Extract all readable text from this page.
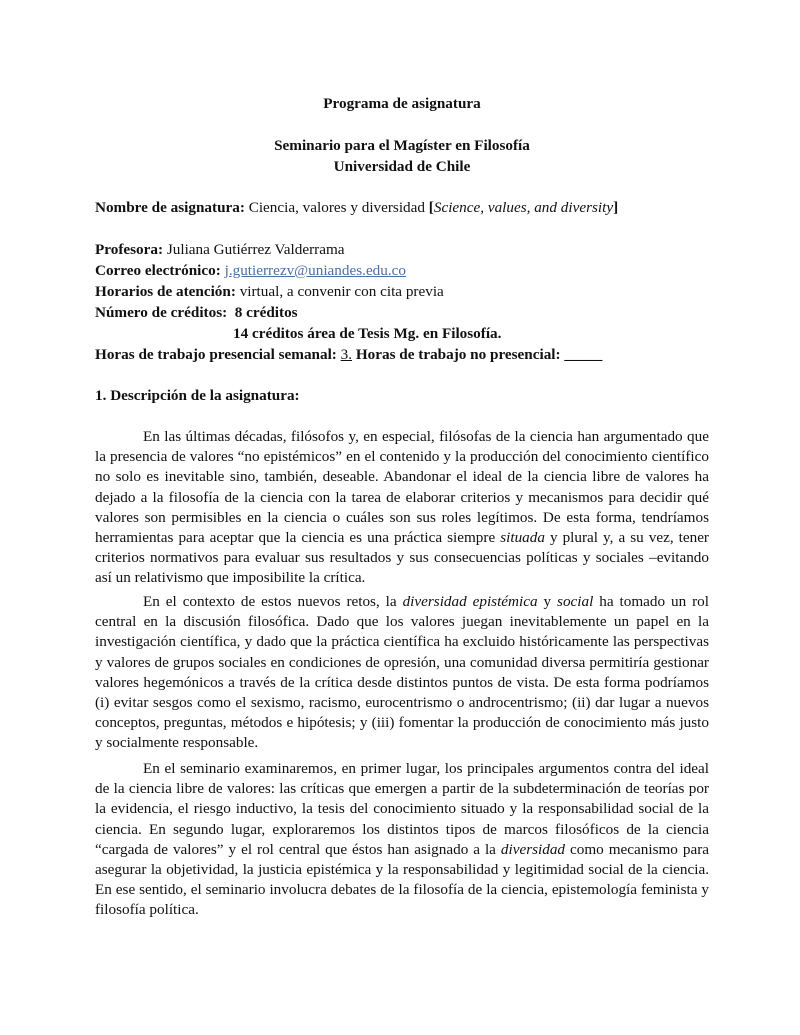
Programa de asignatura
Seminario para el Magíster en Filosofía
Universidad de Chile
Nombre de asignatura: Ciencia, valores y diversidad [Science, values, and diversity]
Profesora: Juliana Gutiérrez Valderrama
Correo electrónico: j.gutierrezv@uniandes.edu.co
Horarios de atención: virtual, a convenir con cita previa
Número de créditos: 8 créditos
14 créditos área de Tesis Mg. en Filosofía.
Horas de trabajo presencial semanal: 3. Horas de trabajo no presencial: _____
1. Descripción de la asignatura:
En las últimas décadas, filósofos y, en especial, filósofas de la ciencia han argumentado que la presencia de valores “no epistémicos” en el contenido y la producción del conocimiento científico no solo es inevitable sino, también, deseable. Abandonar el ideal de la ciencia libre de valores ha dejado a la filosofía de la ciencia con la tarea de elaborar criterios y mecanismos para decidir qué valores son permisibles en la ciencia o cuáles son sus roles legítimos. De esta forma, tendríamos herramientas para aceptar que la ciencia es una práctica siempre situada y plural y, a su vez, tener criterios normativos para evaluar sus resultados y sus consecuencias políticas y sociales –evitando así un relativismo que imposibilite la crítica.
En el contexto de estos nuevos retos, la diversidad epistémica y social ha tomado un rol central en la discusión filosófica. Dado que los valores juegan inevitablemente un papel en la investigación científica, y dado que la práctica científica ha excluido históricamente las perspectivas y valores de grupos sociales en condiciones de opresión, una comunidad diversa permitiría gestionar valores hegemónicos a través de la crítica desde distintos puntos de vista. De esta forma podríamos (i) evitar sesgos como el sexismo, racismo, eurocentrismo o androcentrismo; (ii) dar lugar a nuevos conceptos, preguntas, métodos e hipótesis; y (iii) fomentar la producción de conocimiento más justo y socialmente responsable.
En el seminario examinaremos, en primer lugar, los principales argumentos contra del ideal de la ciencia libre de valores: las críticas que emergen a partir de la subdeterminación de teorías por la evidencia, el riesgo inductivo, la tesis del conocimiento situado y la responsabilidad social de la ciencia. En segundo lugar, exploraremos los distintos tipos de marcos filosóficos de la ciencia “cargada de valores” y el rol central que éstos han asignado a la diversidad como mecanismo para asegurar la objetividad, la justicia epistémica y la responsabilidad y legitimidad social de la ciencia. En ese sentido, el seminario involucra debates de la filosofía de la ciencia, epistemología feminista y filosofía política.
